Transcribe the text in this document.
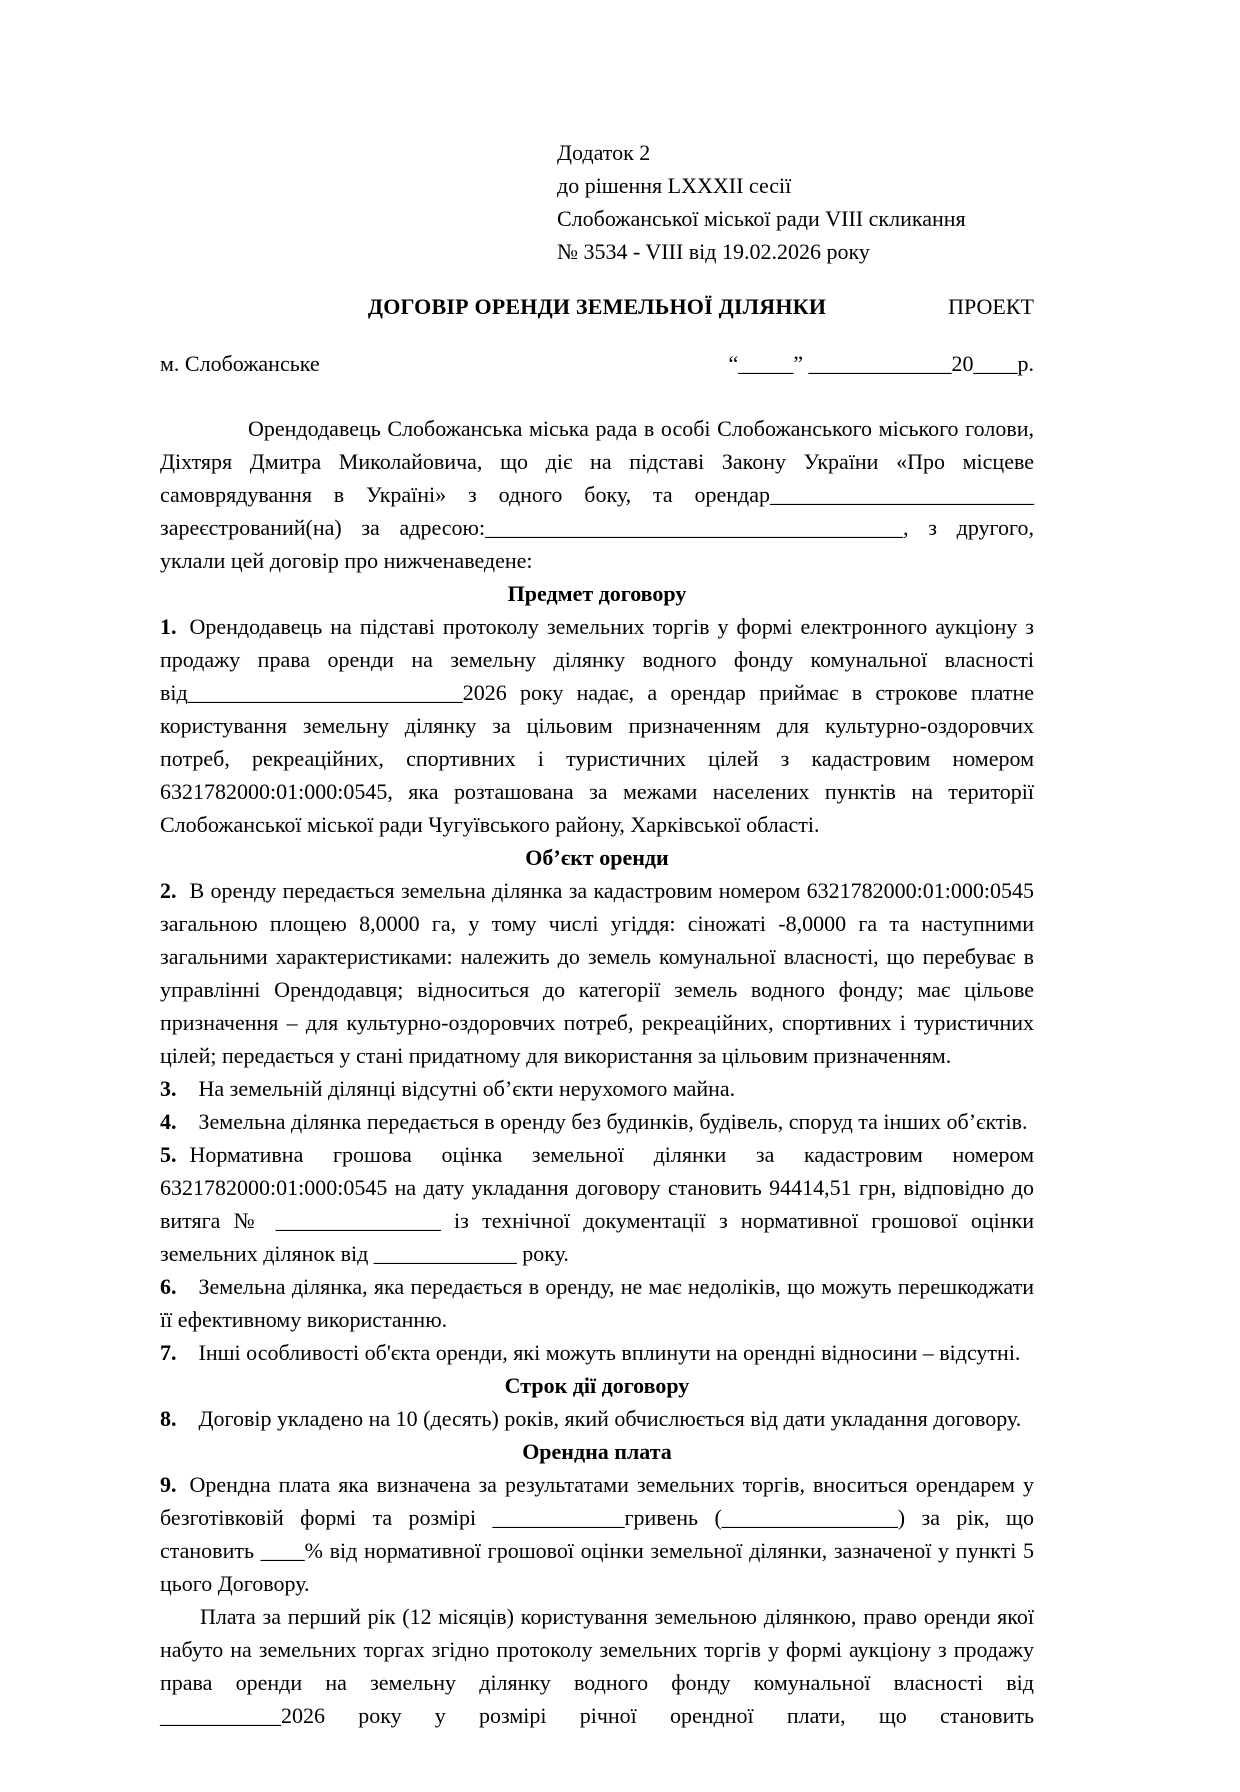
Додаток 2
до рішення LXXXII сесії
Слобожанської міської ради VIII скликання
№ 3534 - VIII від 19.02.2026 року
ДОГОВІР ОРЕНДИ ЗЕМЕЛЬНОЇ ДІЛЯНКИ	ПРОЕКТ
м. Слобожанське	“_____” _____________20____р.

Орендодавець Слобожанська міська рада в особі Слобожанського міського голови, Діхтяря Дмитра Миколайовича, що діє на підставі Закону України «Про місцеве самоврядування в Україні» з одного боку, та орендар________________________ зареєстрований(на) за адресою:______________________________________, з другого, уклали цей договір про нижченаведене:

Предмет договору

1. Орендодавець на підставі протоколу земельних торгів у формі електронного аукціону з продажу права оренди на земельну ділянку водного фонду комунальної власності від_________________________2026 року надає, а орендар приймає в строкове платне користування земельну ділянку за цільовим призначенням для культурно-оздоровчих потреб, рекреаційних, спортивних і туристичних цілей з кадастровим номером 6321782000:01:000:0545, яка розташована за межами населених пунктів на території Слобожанської міської ради Чугуївського району, Харківської області.

Об’єкт оренди

2. В оренду передається земельна ділянка за кадастровим номером 6321782000:01:000:0545 загальною площею 8,0000 га, у тому числі угіддя: сіножаті -8,0000 га та наступними загальними характеристиками: належить до земель комунальної власності, що перебуває в управлінні Орендодавця; відноситься до категорії земель водного фонду; має цільове призначення – для культурно-оздоровчих потреб, рекреаційних, спортивних і туристичних цілей; передається у стані придатному для використання за цільовим призначенням.

3. На земельній ділянці відсутні об’єкти нерухомого майна.

4. Земельна ділянка передається в оренду без будинків, будівель, споруд та інших об’єктів.

5. Нормативна грошова оцінка земельної ділянки за кадастровим номером 6321782000:01:000:0545 на дату укладання договору становить 94414,51 грн, відповідно до витяга № _______________ із технічної документації з нормативної грошової оцінки земельних ділянок від _____________ року.

6. Земельна ділянка, яка передається в оренду, не має недоліків, що можуть перешкоджати її ефективному використанню.

7. Інші особливості об'єкта оренди, які можуть вплинути на орендні відносини – відсутні.

Строк дії договору

8. Договір укладено на 10 (десять) років, який обчислюється від дати укладання договору.

Орендна плата

9. Орендна плата яка визначена за результатами земельних торгів, вноситься орендарем у безготівковій формі та розмірі ____________гривень (________________) за рік, що становить ____% від нормативної грошової оцінки земельної ділянки, зазначеної у пункті 5 цього Договору.

Плата за перший рік (12 місяців) користування земельною ділянкою, право оренди якої набуто на земельних торгах згідно протоколу земельних торгів у формі аукціону з продажу права оренди на земельну ділянку водного фонду комунальної власності від ___________2026 року у розмірі річної орендної плати, що становить
